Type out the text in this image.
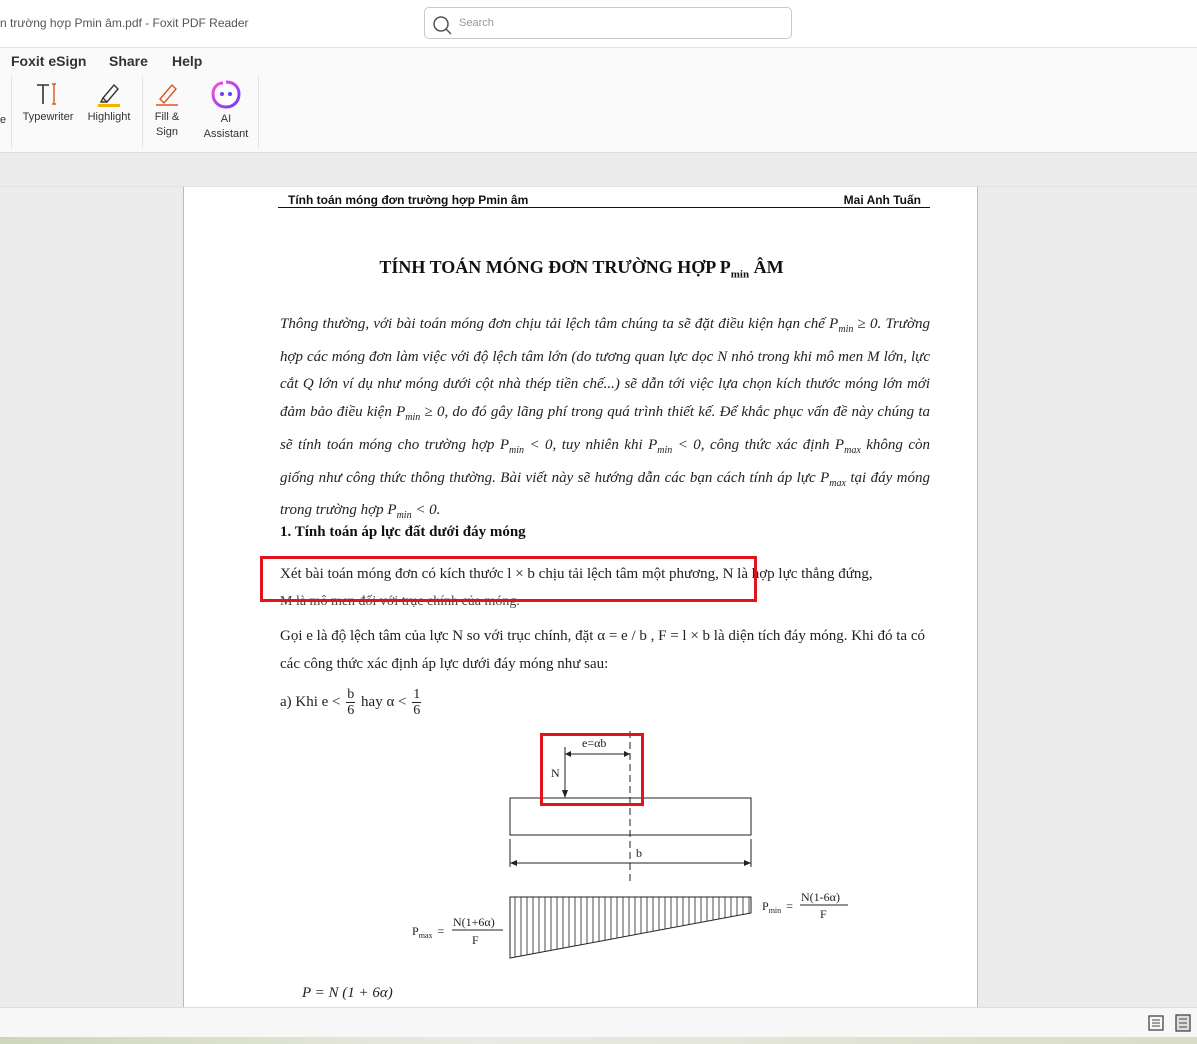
n trường hợp Pmin âm.pdf - Foxit PDF Reader	Search
Foxit eSign Share Help
e	Typewriter	Highlight	Fill &
Sign
AI
Assistant
Tính toán móng đơn trường hợp Pmin âm	Mai Anh Tuấn
TÍNH TOÁN MÓNG ĐƠN TRƯỜNG HỢP $P_{min}$ ÂM
Thông thường, với bài toán móng đơn chịu tải lệch tâm chúng ta sẽ đặt điều kiện hạn chế $P_{min} \ge 0$. Trường hợp các móng đơn làm việc với độ lệch tâm lớn (do tương quan lực dọc N nhỏ trong khi mô men M lớn, lực cắt Q lớn ví dụ như móng dưới cột nhà thép tiền chế...) sẽ dẫn tới việc lựa chọn kích thước móng lớn mới đảm bảo điều kiện $P_{min} \ge 0$, do đó gây lãng phí trong quá trình thiết kế. Để khắc phục vấn đề này chúng ta sẽ tính toán móng cho trường hợp $P_{min} < 0$, tuy nhiên khi $P_{min} < 0$, công thức xác định $P_{max}$ không còn giống như công thức thông thường. Bài viết này sẽ hướng dẫn các bạn cách tính áp lực $P_{max}$ tại đáy móng trong trường hợp $P_{min} < 0$.
1. Tính toán áp lực đất dưới đáy móng
Xét bài toán móng đơn có kích thước l × b chịu tải lệch tâm một phương, N là hợp lực thẳng đứng,
M là mô men đối với trục chính của móng.
Gọi e là độ lệch tâm của lực N so với trục chính, đặt α = e / b , F = l × b là diện tích đáy móng. Khi đó ta có các công thức xác định áp lực dưới đáy móng như sau:
a) Khi $e < \frac{b}{6}$ hay $\alpha < \frac{1}{6}$
e=αb
N
b
$P_{max}$ =
N(1+6α)
F
$P_{min}$ =
N(1-6α)
F
P = N (1 + 6α)
